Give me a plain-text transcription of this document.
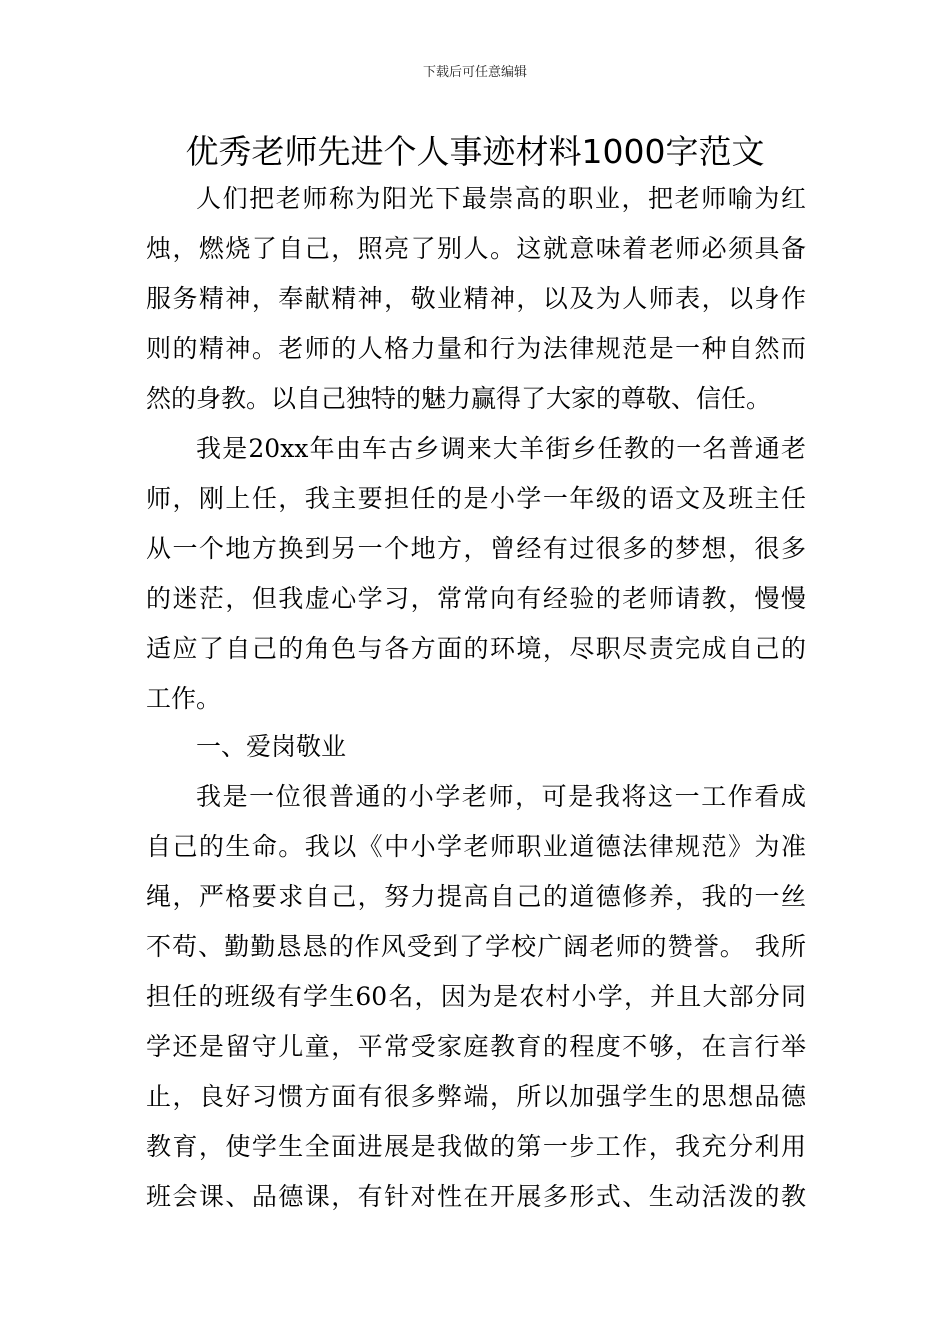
下载后可任意编辑
优秀老师先进个人事迹材料1000字范文
人们把老师称为阳光下最崇高的职业，把老师喻为红
烛，燃烧了自己，照亮了别人。这就意味着老师必须具备
服务精神，奉献精神，敬业精神，以及为人师表，以身作
则的精神。老师的人格力量和行为法律规范是一种自然而
然的身教。以自己独特的魅力赢得了大家的尊敬、信任。
我是20xx年由车古乡调来大羊街乡任教的一名普通老
师，刚上任，我主要担任的是小学一年级的语文及班主任
从一个地方换到另一个地方，曾经有过很多的梦想，很多
的迷茫，但我虚心学习，常常向有经验的老师请教，慢慢
适应了自己的角色与各方面的环境，尽职尽责完成自己的
工作。
一、爱岗敬业
我是一位很普通的小学老师，可是我将这一工作看成
自己的生命。我以《中小学老师职业道德法律规范》为准
绳，严格要求自己，努力提高自己的道德修养，我的一丝
不苟、勤勤恳恳的作风受到了学校广阔老师的赞誉。 我所
担任的班级有学生60名，因为是农村小学，并且大部分同
学还是留守儿童，平常受家庭教育的程度不够，在言行举
止，良好习惯方面有很多弊端，所以加强学生的思想品德
教育，使学生全面进展是我做的第一步工作，我充分利用
班会课、品德课，有针对性在开展多形式、生动活泼的教
